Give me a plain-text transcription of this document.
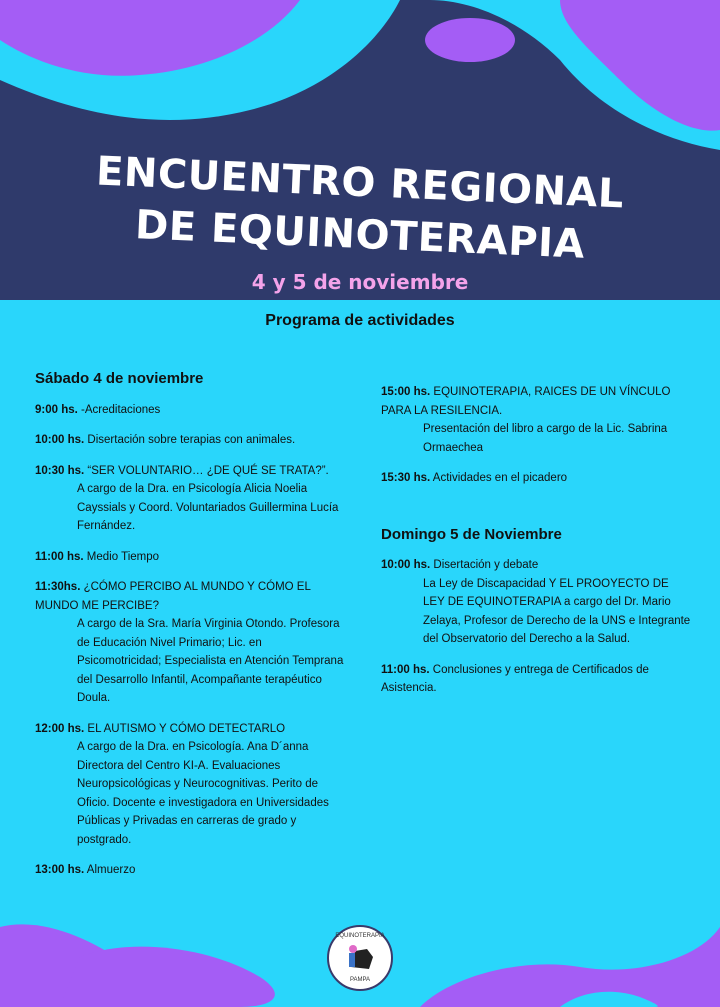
ENCUENTRO REGIONAL
DE EQUINOTERAPIA
4 y 5 de noviembre
Programa de actividades
Sábado 4 de noviembre

9:00 hs. -Acreditaciones

10:00 hs. Disertación sobre terapias con animales.

10:30 hs. “SER VOLUNTARIO… ¿DE QUÉ SE TRATA?”.

A cargo de la Dra. en Psicología Alicia Noelia Cayssials y Coord. Voluntariados Guillermina Lucía Fernández.

11:00 hs. Medio Tiempo

11:30hs. ¿CÓMO PERCIBO AL MUNDO Y CÓMO EL MUNDO ME PERCIBE?

A cargo de la Sra. María Virginia Otondo. Profesora de Educación Nivel Primario; Lic. en Psicomotricidad; Especialista en Atención Temprana del Desarrollo Infantil, Acompañante terapéutico Doula.

12:00 hs. EL AUTISMO Y CÓMO DETECTARLO

A cargo de la Dra. en Psicología. Ana D´anna Directora del Centro KI-A. Evaluaciones Neuropsicológicas y Neurocognitivas. Perito de Oficio. Docente e investigadora en Universidades Públicas y Privadas en carreras de grado y postgrado.

13:00 hs. Almuerzo

15:00 hs. EQUINOTERAPIA, RAICES DE UN VÍNCULO PARA LA RESILENCIA.

Presentación del libro a cargo de la Lic. Sabrina Ormaechea

15:30 hs. Actividades en el picadero

Domingo 5 de Noviembre

10:00 hs. Disertación y debate

La Ley de Discapacidad Y EL PROOYECTO DE LEY DE EQUINOTERAPIA a cargo del Dr. Mario Zelaya, Profesor de Derecho de la UNS e Integrante del Observatorio del Derecho a la Salud.

11:00 hs. Conclusiones y entrega de Certificados de Asistencia.

EQUINOTERAPIA
PAMPA
